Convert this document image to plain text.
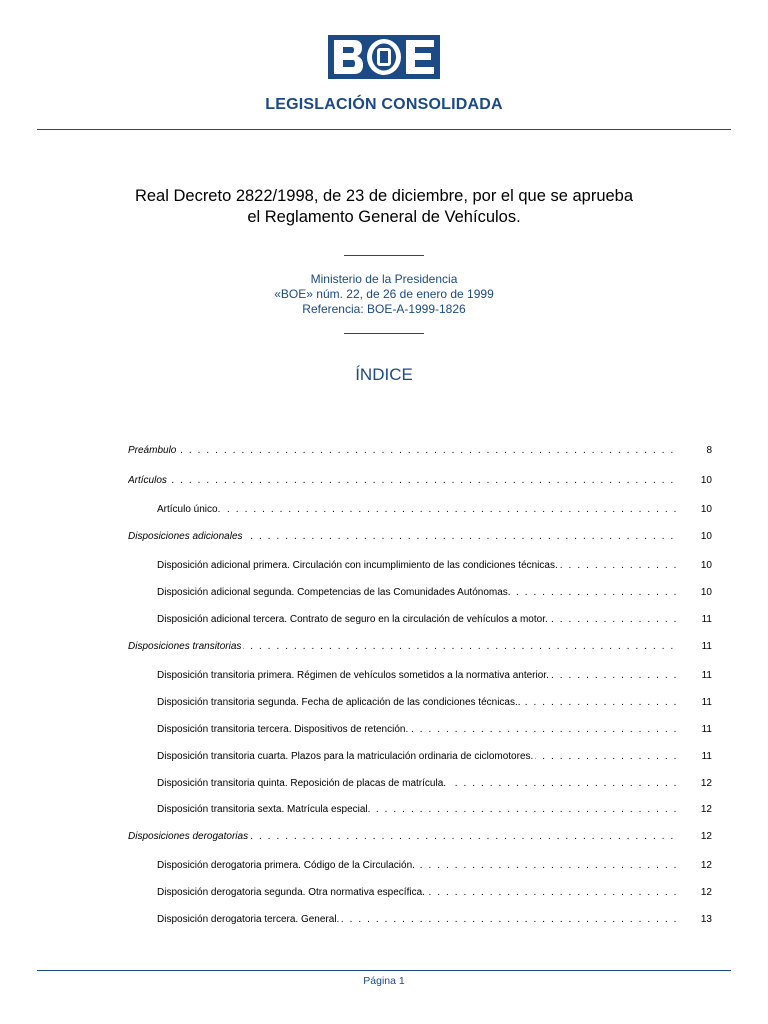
LEGISLACIÓN CONSOLIDADA
Real Decreto 2822/1998, de 23 de diciembre, por el que se aprueba
el Reglamento General de Vehículos.
Ministerio de la Presidencia
«BOE» núm. 22, de 26 de enero de 1999
Referencia: BOE-A-1999-1826
ÍNDICE
Preámbulo . . .	8
Artículos . . .	10
Artículo único. . . .	10
Disposiciones adicionales . . .	10
Disposición adicional primera. Circulación con incumplimiento de las condiciones técnicas. . . .	10
Disposición adicional segunda. Competencias de las Comunidades Autónomas. . . .	10
Disposición adicional tercera. Contrato de seguro en la circulación de vehículos a motor. . . .	11
Disposiciones transitorias . . .	11
Disposición transitoria primera. Régimen de vehículos sometidos a la normativa anterior. . . .	11
Disposición transitoria segunda. Fecha de aplicación de las condiciones técnicas.. . . .	11
Disposición transitoria tercera. Dispositivos de retención. . . .	11
Disposición transitoria cuarta. Plazos para la matriculación ordinaria de ciclomotores. . . .	11
Disposición transitoria quinta. Reposición de placas de matrícula. . . .	12
Disposición transitoria sexta. Matrícula especial. . . .	12
Disposiciones derogatorias . . .	12
Disposición derogatoria primera. Código de la Circulación. . . .	12
Disposición derogatoria segunda. Otra normativa específica. . . .	12
Disposición derogatoria tercera. General. . . .	13
Página 1
